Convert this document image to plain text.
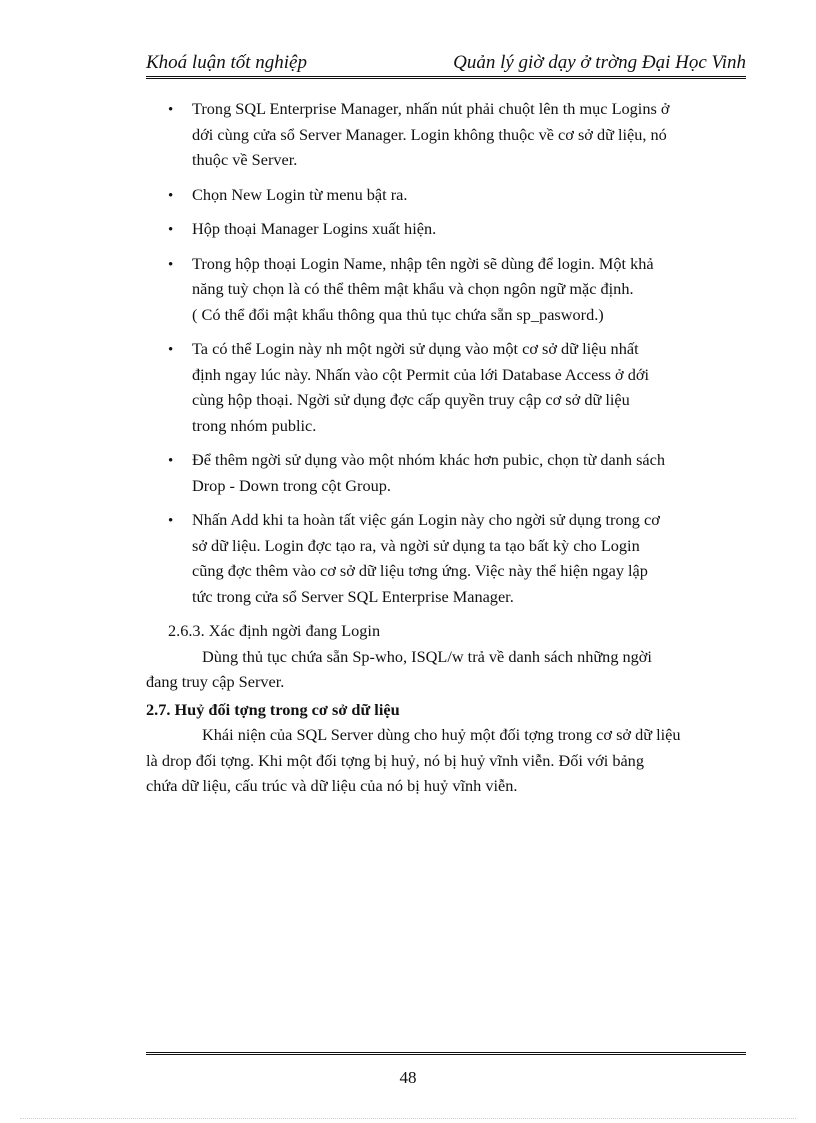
Khoá luận tốt nghiệp	Quản lý giờ dạy ở trờng Đại Học Vinh
• Trong SQL Enterprise Manager, nhấn nút phải chuột lên th mục Logins ở
dới cùng cửa sổ Server Manager. Login không thuộc về cơ sở dữ liệu, nó
thuộc về Server.
• Chọn New Login từ menu bật ra.
• Hộp thoại Manager Logins xuất hiện.
• Trong hộp thoại Login Name, nhập tên ngời sẽ dùng để login. Một khả
năng tuỳ chọn là có thể thêm mật khẩu và chọn ngôn ngữ mặc định.
( Có thể đổi mật khẩu thông qua thủ tục chứa sẵn sp_pasword.)
• Ta có thể Login này nh một ngời sử dụng vào một cơ sở dữ liệu nhất
định ngay lúc này. Nhấn vào cột Permit của lới Database Access ở dới
cùng hộp thoại. Ngời sử dụng đợc cấp quyền truy cập cơ sở dữ liệu
trong nhóm public.
• Để thêm ngời sử dụng vào một nhóm khác hơn pubic, chọn từ danh sách
Drop - Down trong cột Group.
• Nhấn Add khi ta hoàn tất việc gán Login này cho ngời sử dụng trong cơ
sở dữ liệu. Login đợc tạo ra, và ngời sử dụng ta tạo bất kỳ cho Login
cũng đợc thêm vào cơ sở dữ liệu tơng ứng. Việc này thể hiện ngay lập
tức trong cửa sổ Server SQL Enterprise Manager.
2.6.3. Xác định ngời đang Login

Dùng thủ tục chứa sẵn Sp-who, ISQL/w trả về danh sách những ngời
đang truy cập Server.

2.7. Huỷ đối tợng trong cơ sở dữ liệu

Khái niện của SQL Server dùng cho huỷ một đối tợng trong cơ sở dữ liệu
là drop đối tợng. Khi một đối tợng bị huỷ, nó bị huỷ vĩnh viễn. Đối với bảng
chứa dữ liệu, cấu trúc và dữ liệu của nó bị huỷ vĩnh viễn.

48
